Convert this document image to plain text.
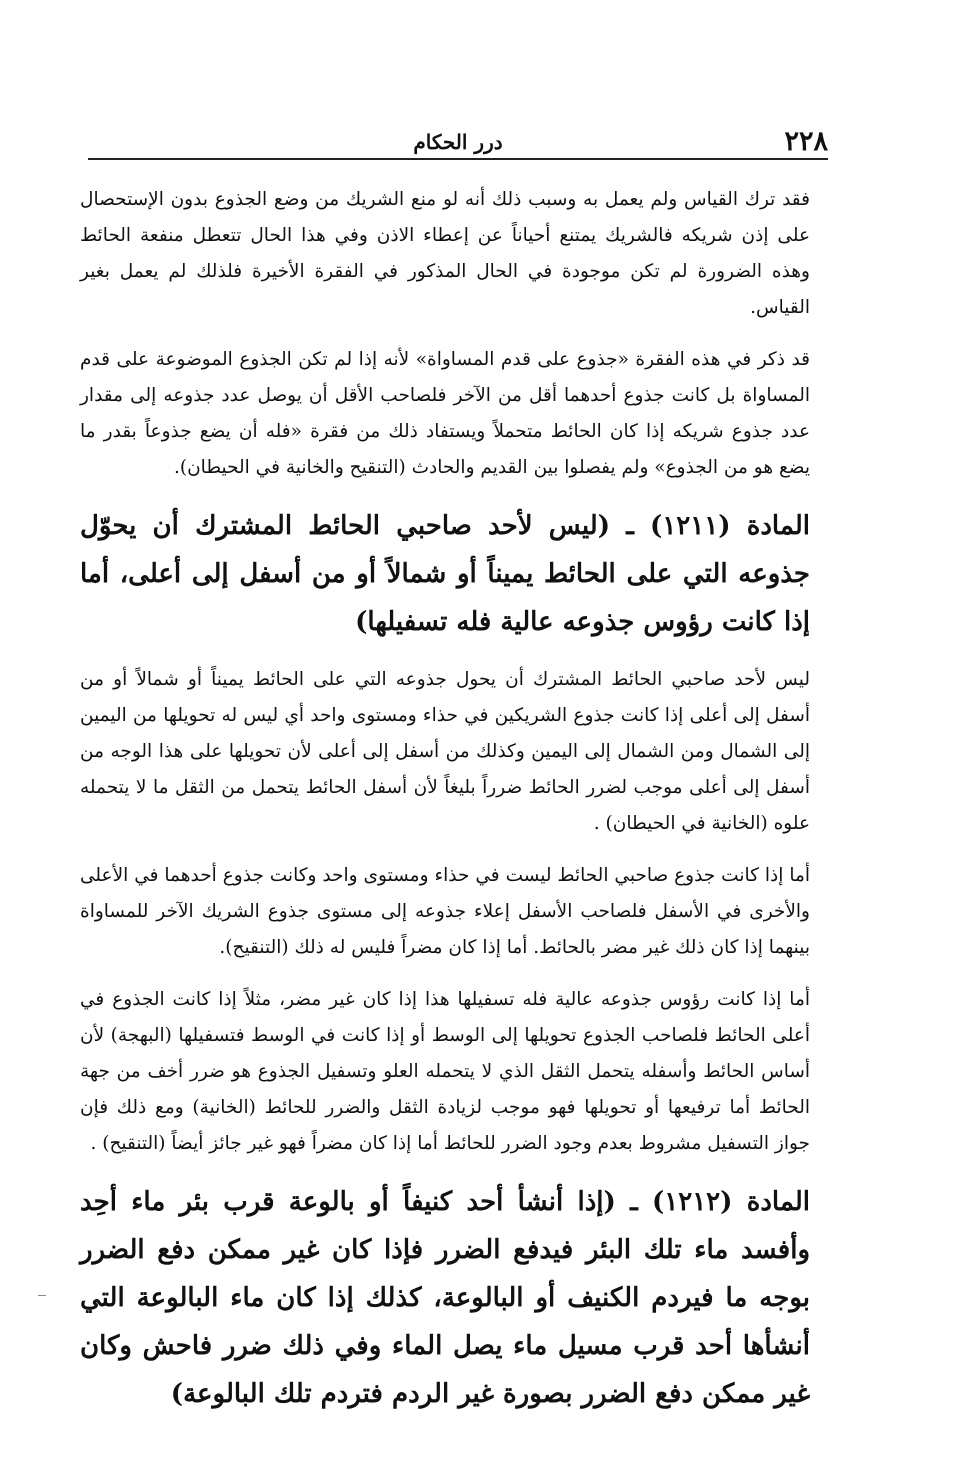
٢٢٨
درر الحكام

فقد ترك القياس ولم يعمل به وسبب ذلك أنه لو منع الشريك من وضع الجذوع بدون الإستحصال على إذن شريكه فالشريك يمتنع أحياناً عن إعطاء الاذن وفي هذا الحال تتعطل منفعة الحائط وهذه الضرورة لم تكن موجودة في الحال المذكور في الفقرة الأخيرة فلذلك لم يعمل بغير القياس.

قد ذكر في هذه الفقرة «جذوع على قدم المساواة» لأنه إذا لم تكن الجذوع الموضوعة على قدم المساواة بل كانت جذوع أحدهما أقل من الآخر فلصاحب الأقل أن يوصل عدد جذوعه إلى مقدار عدد جذوع شريكه إذا كان الحائط متحملاً ويستفاد ذلك من فقرة «فله أن يضع جذوعاً بقدر ما يضع هو من الجذوع» ولم يفصلوا بين القديم والحادث (التنقيح والخانية في الحيطان).

المادة (١٢١١) ـ (ليس لأحد صاحبي الحائط المشترك أن يحوّل جذوعه التي على الحائط يميناً أو شمالاً أو من أسفل إلى أعلى، أما إذا كانت رؤوس جذوعه عالية فله تسفيلها)

ليس لأحد صاحبي الحائط المشترك أن يحول جذوعه التي على الحائط يميناً أو شمالاً أو من أسفل إلى أعلى إذا كانت جذوع الشريكين في حذاء ومستوى واحد أي ليس له تحويلها من اليمين إلى الشمال ومن الشمال إلى اليمين وكذلك من أسفل إلى أعلى لأن تحويلها على هذا الوجه من أسفل إلى أعلى موجب لضرر الحائط ضرراً بليغاً لأن أسفل الحائط يتحمل من الثقل ما لا يتحمله علوه (الخانية في الحيطان) .

أما إذا كانت جذوع صاحبي الحائط ليست في حذاء ومستوى واحد وكانت جذوع أحدهما في الأعلى والأخرى في الأسفل فلصاحب الأسفل إعلاء جذوعه إلى مستوى جذوع الشريك الآخر للمساواة بينهما إذا كان ذلك غير مضر بالحائط. أما إذا كان مضراً فليس له ذلك (التنقيح).

أما إذا كانت رؤوس جذوعه عالية فله تسفيلها هذا إذا كان غير مضر، مثلاً إذا كانت الجذوع في أعلى الحائط فلصاحب الجذوع تحويلها إلى الوسط أو إذا كانت في الوسط فتسفيلها (البهجة) لأن أساس الحائط وأسفله يتحمل الثقل الذي لا يتحمله العلو وتسفيل الجذوع هو ضرر أخف من جهة الحائط أما ترفيعها أو تحويلها فهو موجب لزيادة الثقل والضرر للحائط (الخانية) ومع ذلك فإن جواز التسفيل مشروط بعدم وجود الضرر للحائط أما إذا كان مضراً فهو غير جائز أيضاً (التنقيح) .

المادة (١٢١٢) ـ (إذا أنشأ أحد كنيفاً أو بالوعة قرب بئر ماء أحِد وأفسد ماء تلك البئر فيدفع الضرر فإذا كان غير ممكن دفع الضرر بوجه ما فيردم الكنيف أو البالوعة، كذلك إذا كان ماء البالوعة التي أنشأها أحد قرب مسيل ماء يصل الماء وفي ذلك ضرر فاحش وكان غير ممكن دفع الضرر بصورة غير الردم فتردم تلك البالوعة)
